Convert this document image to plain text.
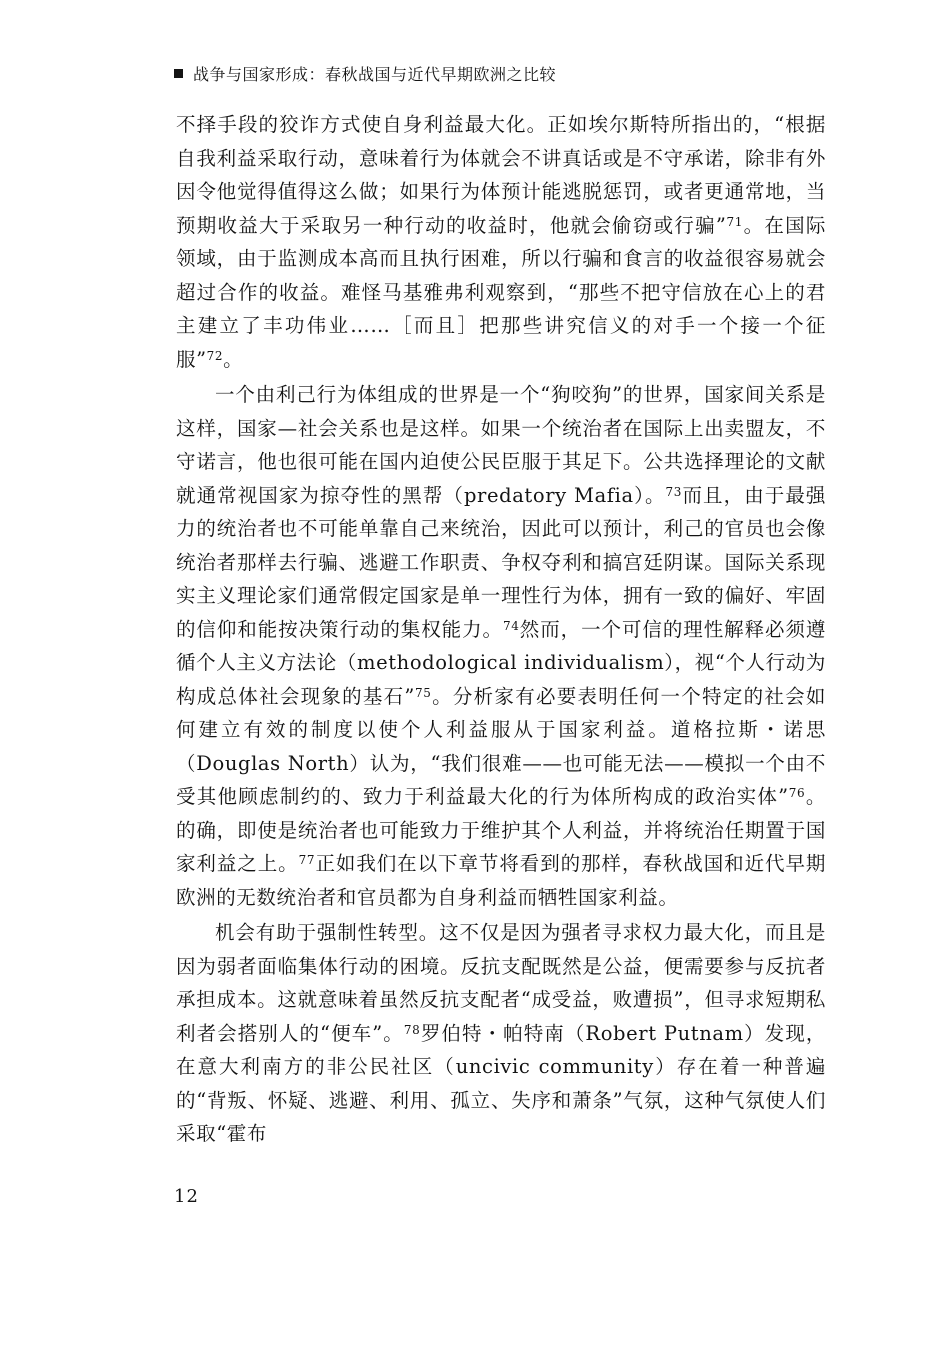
战争与国家形成：春秋战国与近代早期欧洲之比较

不择手段的狡诈方式使自身利益最大化。正如埃尔斯特所指出的，“根据自我利益采取行动，意味着行为体就会不讲真话或是不守承诺，除非有外因令他觉得值得这么做；如果行为体预计能逃脱惩罚，或者更通常地，当预期收益大于采取另一种行动的收益时，他就会偷窃或行骗”$^{71}$。在国际领域，由于监测成本高而且执行困难，所以行骗和食言的收益很容易就会超过合作的收益。难怪马基雅弗利观察到，“那些不把守信放在心上的君主建立了丰功伟业……［而且］把那些讲究信义的对手一个接一个征服”$^{72}$。

一个由利己行为体组成的世界是一个“狗咬狗”的世界，国家间关系是这样，国家—社会关系也是这样。如果一个统治者在国际上出卖盟友，不守诺言，他也很可能在国内迫使公民臣服于其足下。公共选择理论的文献就通常视国家为掠夺性的黑帮（predatory Mafia）。$^{73}$而且，由于最强力的统治者也不可能单靠自己来统治，因此可以预计，利己的官员也会像统治者那样去行骗、逃避工作职责、争权夺利和搞宫廷阴谋。国际关系现实主义理论家们通常假定国家是单一理性行为体，拥有一致的偏好、牢固的信仰和能按决策行动的集权能力。$^{74}$然而，一个可信的理性解释必须遵循个人主义方法论（methodological individualism），视“个人行动为构成总体社会现象的基石”$^{75}$。分析家有必要表明任何一个特定的社会如何建立有效的制度以使个人利益服从于国家利益。道格拉斯・诺思（Douglas North）认为，“我们很难——也可能无法——模拟一个由不受其他顾虑制约的、致力于利益最大化的行为体所构成的政治实体”$^{76}$。的确，即使是统治者也可能致力于维护其个人利益，并将统治任期置于国家利益之上。$^{77}$正如我们在以下章节将看到的那样，春秋战国和近代早期欧洲的无数统治者和官员都为自身利益而牺牲国家利益。

机会有助于强制性转型。这不仅是因为强者寻求权力最大化，而且是因为弱者面临集体行动的困境。反抗支配既然是公益，便需要参与反抗者承担成本。这就意味着虽然反抗支配者“成受益，败遭损”，但寻求短期私利者会搭别人的“便车”。$^{78}$罗伯特・帕特南（Robert Putnam）发现，在意大利南方的非公民社区（uncivic community）存在着一种普遍的“背叛、怀疑、逃避、利用、孤立、失序和萧条”气氛，这种气氛使人们采取“霍布

12
